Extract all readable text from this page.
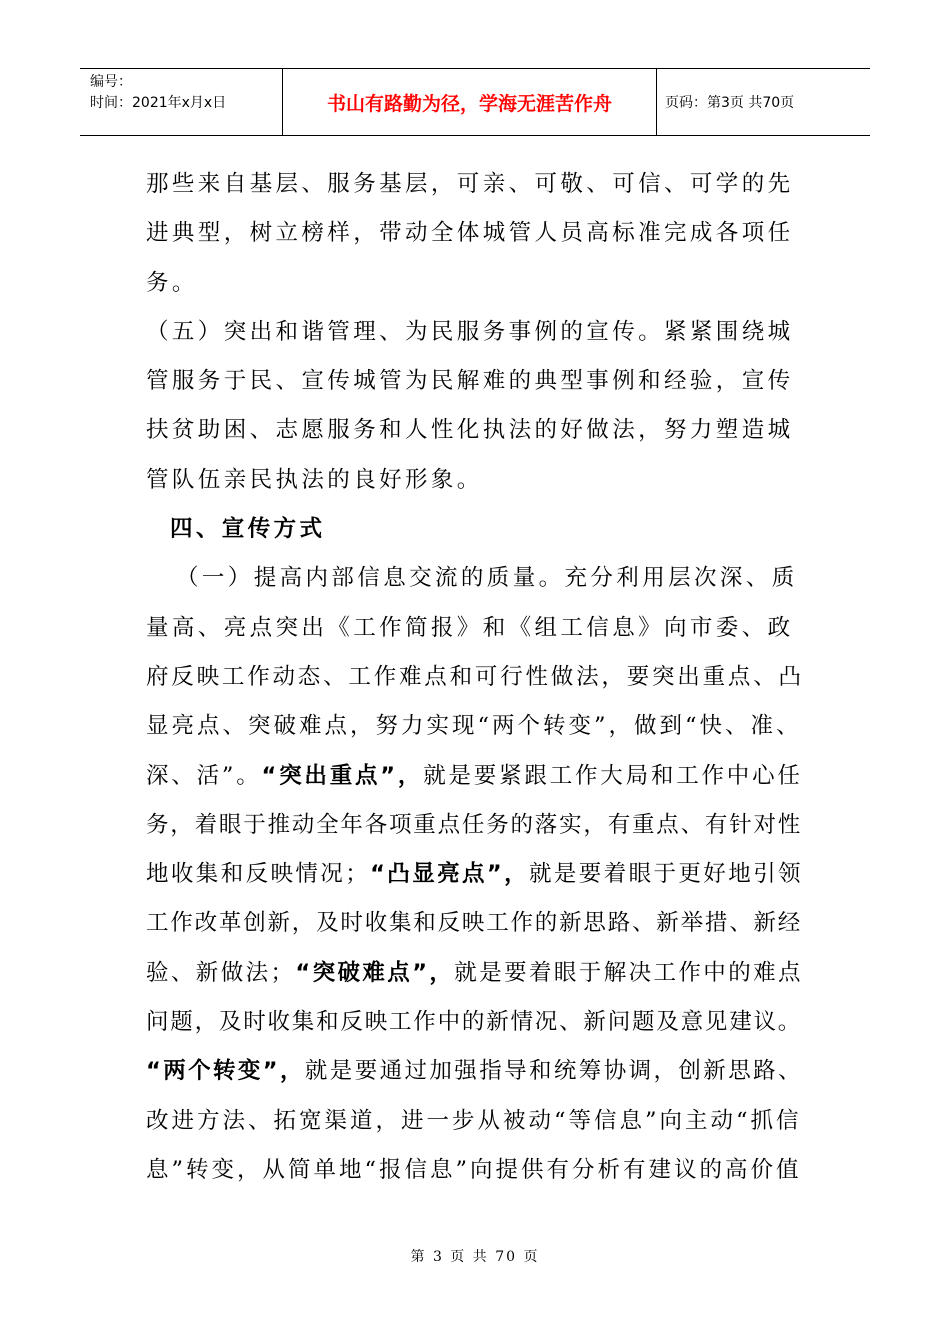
编号：
时间：2021年x月x日	书山有路勤为径，学海无涯苦作舟	页码：第3页 共70页
那些来自基层、服务基层，可亲、可敬、可信、可学的先
进典型，树立榜样，带动全体城管人员高标准完成各项任
务。
（五）突出和谐管理、为民服务事例的宣传。紧紧围绕城
管服务于民、宣传城管为民解难的典型事例和经验，宣传
扶贫助困、志愿服务和人性化执法的好做法，努力塑造城
管队伍亲民执法的良好形象。
四、宣传方式
（一）提高内部信息交流的质量。充分利用层次深、质
量高、亮点突出《工作简报》和《组工信息》向市委、政
府反映工作动态、工作难点和可行性做法，要突出重点、凸
显亮点、突破难点，努力实现“两个转变”，做到“快、准、
深、活”。“突出重点”，就是要紧跟工作大局和工作中心任
务，着眼于推动全年各项重点任务的落实，有重点、有针对性
地收集和反映情况；“凸显亮点”，就是要着眼于更好地引领
工作改革创新，及时收集和反映工作的新思路、新举措、新经
验、新做法；“突破难点”，就是要着眼于解决工作中的难点
问题，及时收集和反映工作中的新情况、新问题及意见建议。
“两个转变”，就是要通过加强指导和统筹协调，创新思路、
改进方法、拓宽渠道，进一步从被动“等信息”向主动“抓信
息”转变，从简单地“报信息”向提供有分析有建议的高价值
第 3 页 共 70 页
